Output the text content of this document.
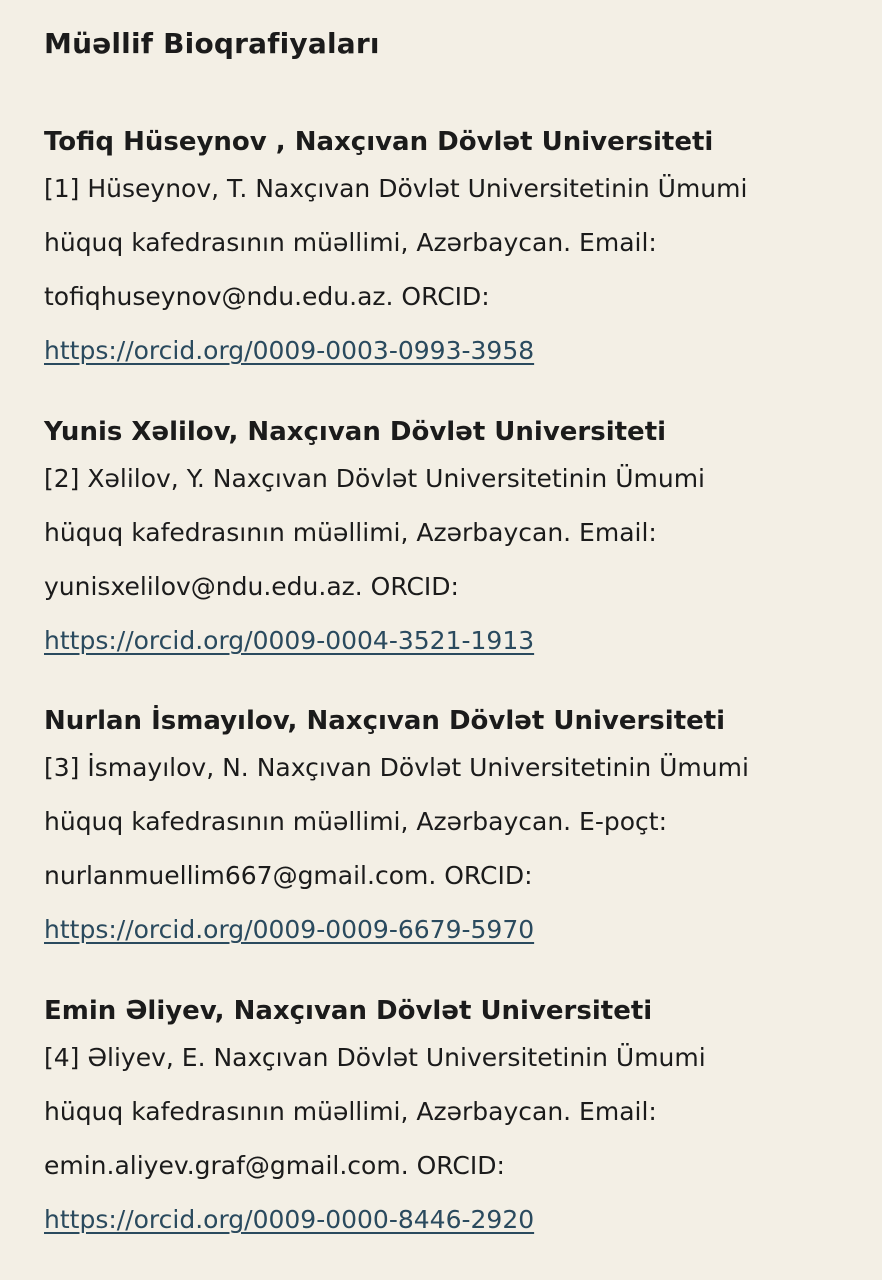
Müəllif Bioqrafiyaları
Tofiq Hüseynov , Naxçıvan Dövlət Universiteti

[1] Hüseynov, T. Naxçıvan Dövlət Universitetinin Ümumi
hüquq kafedrasının müəllimi, Azərbaycan. Email:
tofiqhuseynov@ndu.edu.az. ORCID:
https://orcid.org/0009-0003-0993-3958

Yunis Xəlilov, Naxçıvan Dövlət Universiteti

[2] Xəlilov, Y. Naxçıvan Dövlət Universitetinin Ümumi
hüquq kafedrasının müəllimi, Azərbaycan. Email:
yunisxelilov@ndu.edu.az. ORCID:
https://orcid.org/0009-0004-3521-1913

Nurlan İsmayılov, Naxçıvan Dövlət Universiteti

[3] İsmayılov, N. Naxçıvan Dövlət Universitetinin Ümumi
hüquq kafedrasının müəllimi, Azərbaycan. E-poçt:
nurlanmuellim667@gmail.com. ORCID:
https://orcid.org/0009-0009-6679-5970

Emin Əliyev, Naxçıvan Dövlət Universiteti

[4] Əliyev, E. Naxçıvan Dövlət Universitetinin Ümumi
hüquq kafedrasının müəllimi, Azərbaycan. Email:
emin.aliyev.graf@gmail.com. ORCID:
https://orcid.org/0009-0000-8446-2920
